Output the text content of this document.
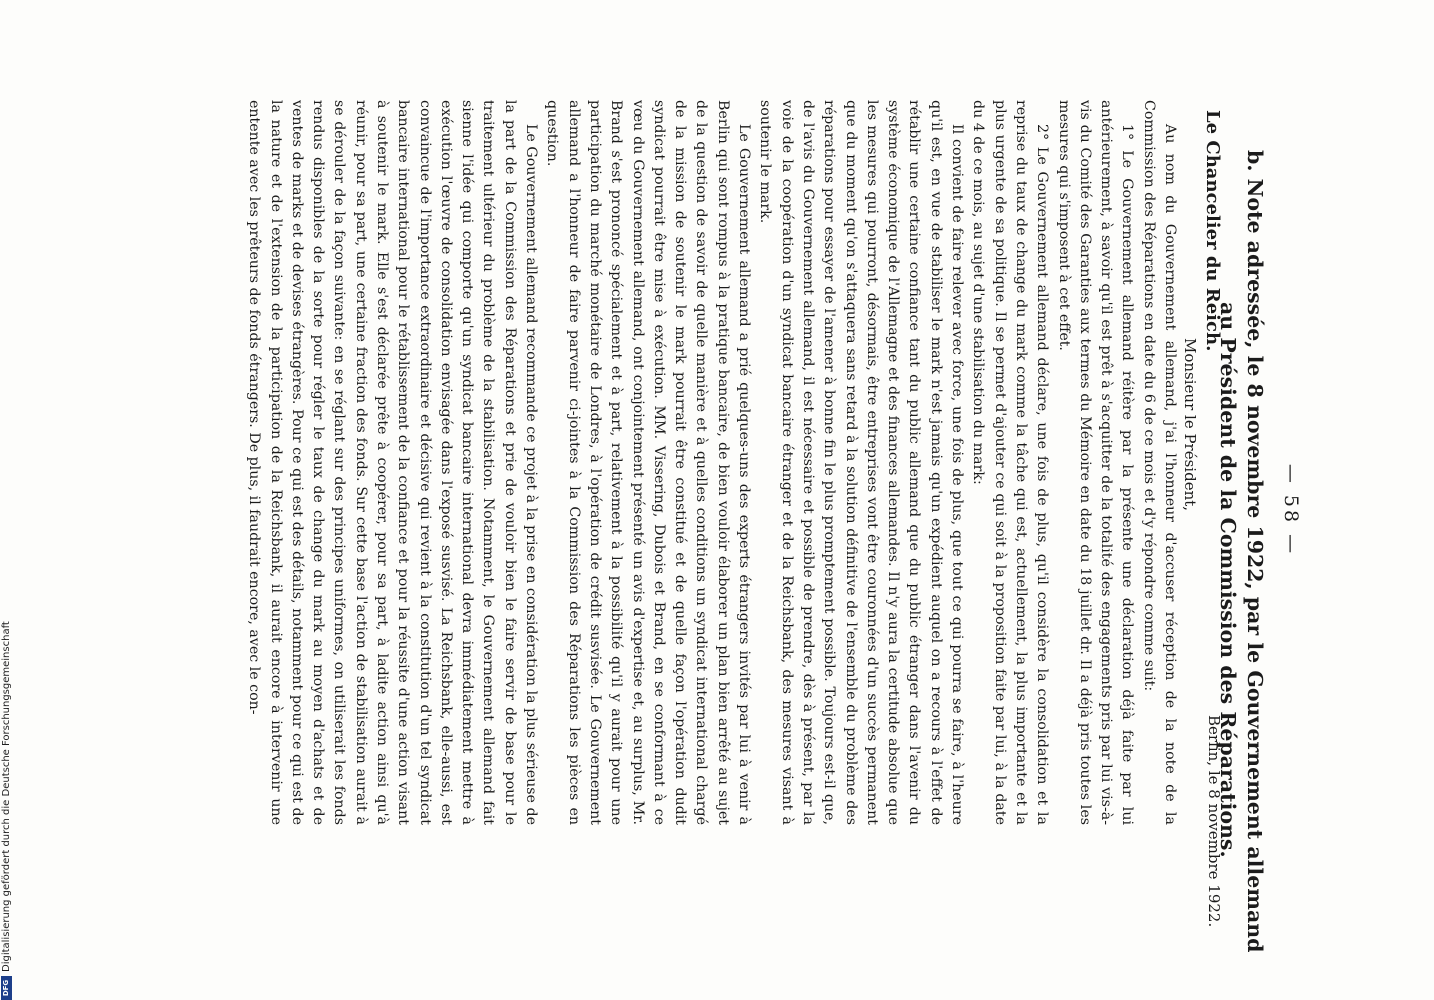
— 58 —
b. Note adressée, le 8 novembre 1922, par le Gouvernement allemand
au Président de la Commission des Réparations.
Le Chancelier du Reich.
Berlin, le 8 novembre 1922.
Monsieur le Président,

Au nom du Gouvernement allemand, j'ai l'honneur d'accuser réception de la note de la Commission des Réparations en date du 6 de ce mois et d'y répondre comme suit:

1° Le Gouvernement allemand réitère par la présente une déclaration déjà faite par lui antérieurement, à savoir qu'il est prêt à s'acquitter de la totalité des engagements pris par lui vis-à-vis du Comité des Garanties aux termes du Mémoire en date du 18 juillet dr. Il a déjà pris toutes les mesures qui s'imposent à cet effet.

2° Le Gouvernement allemand déclare, une fois de plus, qu'il considère la consolidation et la reprise du taux de change du mark comme la tâche qui est, actuellement, la plus importante et la plus urgente de sa politique. Il se permet d'ajouter ce qui soit à la proposition faite par lui, à la date du 4 de ce mois, au sujet d'une stabilisation du mark:

Il convient de faire relever avec force, une fois de plus, que tout ce qui pourra se faire, à l'heure qu'il est, en vue de stabiliser le mark n'est jamais qu'un expédient auquel on a recours à l'effet de rétablir une certaine confiance tant du public allemand que du public étranger dans l'avenir du système économique de l'Allemagne et des finances allemandes. Il n'y aura la certitude absolue que les mesures qui pourront, désormais, être entreprises vont être couronnées d'un succès permanent que du moment qu'on s'attaquera sans retard à la solution définitive de l'ensemble du problème des réparations pour essayer de l'amener à bonne fin le plus promptement possible. Toujours est-il que, de l'avis du Gouvernement allemand, il est nécessaire et possible de prendre, dès à présent, par la voie de la coopération d'un syndicat bancaire étranger et de la Reichsbank, des mesures visant à soutenir le mark.

Le Gouvernement allemand a prié quelques-uns des experts étrangers invités par lui à venir à Berlin qui sont rompus à la pratique bancaire, de bien vouloir élaborer un plan bien arrêté au sujet de la question de savoir de quelle manière et à quelles conditions un syndicat international chargé de la mission de soutenir le mark pourrait être constitué et de quelle façon l'opération dudit syndicat pourrait être mise à exécution. MM. Vissering, Dubois et Brand, en se conformant à ce vœu du Gouvernement allemand, ont conjointement présenté un avis d'expertise et, au surplus, Mr. Brand s'est prononcé spécialement et à part, relativement à la possibilité qu'il y aurait pour une participation du marché monétaire de Londres, à l'opération de crédit susvisée. Le Gouvernement allemand a l'honneur de faire parvenir ci-jointes à la Commission des Réparations les pièces en question.

Le Gouvernement allemand recommande ce projet à la prise en considération la plus sérieuse de la part de la Commission des Réparations et prie de vouloir bien le faire servir de base pour le traitement ultérieur du problème de la stabilisation. Notamment, le Gouvernement allemand fait sienne l'idée qui comporte qu'un syndicat bancaire international devra immédiatement mettre à exécution l'œuvre de consolidation envisagée dans l'exposé susvisé. La Reichsbank, elle-aussi, est convaincue de l'importance extraordinaire et décisive qui revient à la constitution d'un tel syndicat bancaire international pour le rétablissement de la confiance et pour la réussite d'une action visant à soutenir le mark. Elle s'est déclarée prête à coopérer, pour sa part, à ladite action ainsi qu'à réunir, pour sa part, une certaine fraction des fonds. Sur cette base l'action de stabilisation aurait à se dérouler de la façon suivante: en se réglant sur des principes uniformes, on utiliserait les fonds rendus disponibles de la sorte pour régler le taux de change du mark au moyen d'achats et de ventes de marks et de devises étrangères. Pour ce qui est des détails, notamment pour ce qui est de la nature et de l'extension de la participation de la Reichsbank, il aurait encore à intervenir une entente avec les prêteurs de fonds étrangers. De plus, il faudrait encore, avec le con-

DFGDigitalisierung gefördert durch die Deutsche Forschungsgemeinschaft
